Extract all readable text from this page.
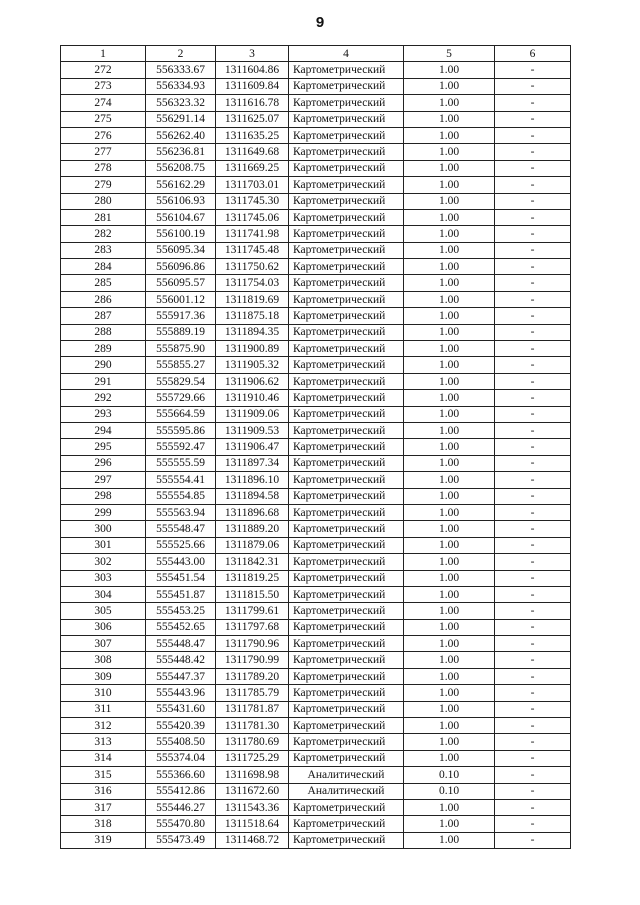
9
1	2	3	4	5	6
272	556333.67	1311604.86	Картометрический	1.00	-
273	556334.93	1311609.84	Картометрический	1.00	-
274	556323.32	1311616.78	Картометрический	1.00	-
275	556291.14	1311625.07	Картометрический	1.00	-
276	556262.40	1311635.25	Картометрический	1.00	-
277	556236.81	1311649.68	Картометрический	1.00	-
278	556208.75	1311669.25	Картометрический	1.00	-
279	556162.29	1311703.01	Картометрический	1.00	-
280	556106.93	1311745.30	Картометрический	1.00	-
281	556104.67	1311745.06	Картометрический	1.00	-
282	556100.19	1311741.98	Картометрический	1.00	-
283	556095.34	1311745.48	Картометрический	1.00	-
284	556096.86	1311750.62	Картометрический	1.00	-
285	556095.57	1311754.03	Картометрический	1.00	-
286	556001.12	1311819.69	Картометрический	1.00	-
287	555917.36	1311875.18	Картометрический	1.00	-
288	555889.19	1311894.35	Картометрический	1.00	-
289	555875.90	1311900.89	Картометрический	1.00	-
290	555855.27	1311905.32	Картометрический	1.00	-
291	555829.54	1311906.62	Картометрический	1.00	-
292	555729.66	1311910.46	Картометрический	1.00	-
293	555664.59	1311909.06	Картометрический	1.00	-
294	555595.86	1311909.53	Картометрический	1.00	-
295	555592.47	1311906.47	Картометрический	1.00	-
296	555555.59	1311897.34	Картометрический	1.00	-
297	555554.41	1311896.10	Картометрический	1.00	-
298	555554.85	1311894.58	Картометрический	1.00	-
299	555563.94	1311896.68	Картометрический	1.00	-
300	555548.47	1311889.20	Картометрический	1.00	-
301	555525.66	1311879.06	Картометрический	1.00	-
302	555443.00	1311842.31	Картометрический	1.00	-
303	555451.54	1311819.25	Картометрический	1.00	-
304	555451.87	1311815.50	Картометрический	1.00	-
305	555453.25	1311799.61	Картометрический	1.00	-
306	555452.65	1311797.68	Картометрический	1.00	-
307	555448.47	1311790.96	Картометрический	1.00	-
308	555448.42	1311790.99	Картометрический	1.00	-
309	555447.37	1311789.20	Картометрический	1.00	-
310	555443.96	1311785.79	Картометрический	1.00	-
311	555431.60	1311781.87	Картометрический	1.00	-
312	555420.39	1311781.30	Картометрический	1.00	-
313	555408.50	1311780.69	Картометрический	1.00	-
314	555374.04	1311725.29	Картометрический	1.00	-
315	555366.60	1311698.98	Аналитический	0.10	-
316	555412.86	1311672.60	Аналитический	0.10	-
317	555446.27	1311543.36	Картометрический	1.00	-
318	555470.80	1311518.64	Картометрический	1.00	-
319	555473.49	1311468.72	Картометрический	1.00	-
